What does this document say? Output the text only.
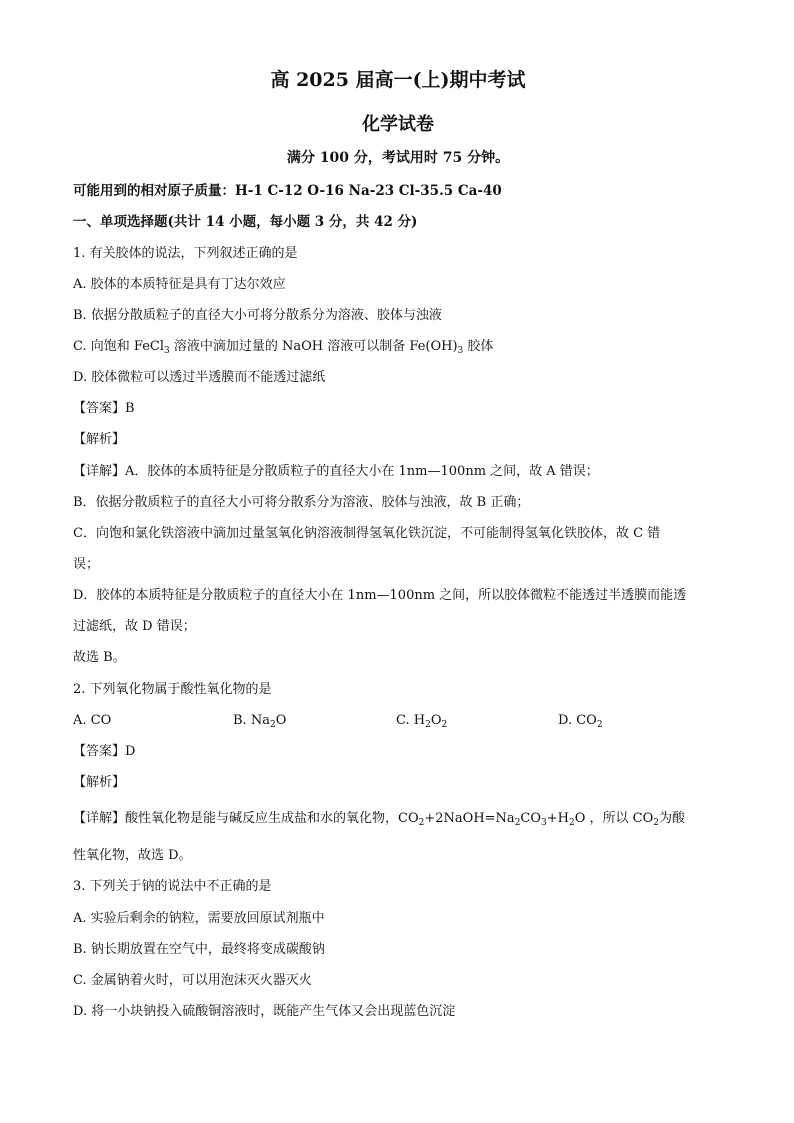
高 2025 届高一(上)期中考试
化学试卷
满分 100 分，考试用时 75 分钟。
可能用到的相对原子质量：H-1 C-12 O-16 Na-23 Cl-35.5 Ca-40
一、单项选择题(共计 14 小题，每小题 3 分，共 42 分)
1. 有关胶体的说法，下列叙述正确的是
A. 胶体的本质特征是具有丁达尔效应
B. 依据分散质粒子的直径大小可将分散系分为溶液、胶体与浊液
C. 向饱和 FeCl$_3$ 溶液中滴加过量的 NaOH 溶液可以制备 $Fe(OH)_3$ 胶体
D. 胶体微粒可以透过半透膜而不能透过滤纸
【答案】B
【解析】
【详解】A．胶体的本质特征是分散质粒子的直径大小在 1nm—100nm 之间，故 A 错误；
B．依据分散质粒子的直径大小可将分散系分为溶液、胶体与浊液，故 B 正确；
C．向饱和氯化铁溶液中滴加过量氢氧化钠溶液制得氢氧化铁沉淀，不可能制得氢氧化铁胶体，故 C 错
误；
D．胶体的本质特征是分散质粒子的直径大小在 1nm—100nm 之间，所以胶体微粒不能透过半透膜而能透
过滤纸，故 D 错误；
故选 B。
2. 下列氧化物属于酸性氧化物的是
A. CO	B. $Na_2O$	C. $H_2O_2$	D. $CO_2$
【答案】D
【解析】
【详解】酸性氧化物是能与碱反应生成盐和水的氧化物，$CO_2+2NaOH=Na_2CO_3+H_2O$ ，所以 $CO_2$为酸
性氧化物，故选 D。
3. 下列关于钠的说法中不正确的是
A. 实验后剩余的钠粒，需要放回原试剂瓶中
B. 钠长期放置在空气中，最终将变成碳酸钠
C. 金属钠着火时，可以用泡沫灭火器灭火
D. 将一小块钠投入硫酸铜溶液时，既能产生气体又会出现蓝色沉淀
